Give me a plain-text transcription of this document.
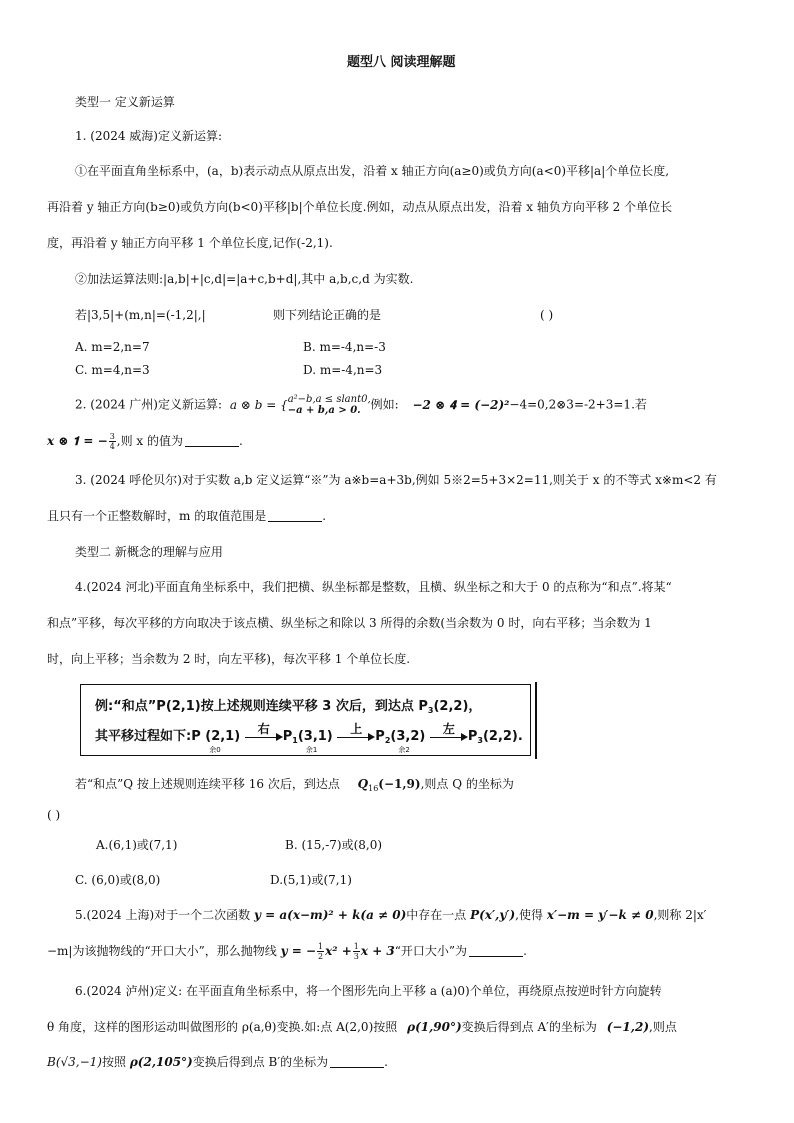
题型八 阅读理解题
类型一 定义新运算
1. (2024 威海)定义新运算:
①在平面直角坐标系中，(a，b)表示动点从原点出发，沿着 x 轴正方向(a≥0)或负方向(a<0)平移|a|个单位长度,
再沿着 y 轴正方向(b≥0)或负方向(b<0)平移|b|个单位长度.例如，动点从原点出发，沿着 x 轴负方向平移 2 个单位长
度，再沿着 y 轴正方向平移 1 个单位长度,记作(-2,1).
②加法运算法则:|a,b|+|c,d|=|a+c,b+d|,其中 a,b,c,d 为实数.
若|3,5|+(m,n|=(-1,2|,|	则下列结论正确的是	( )
A. m=2,n=7	B. m=-4,n=-3
C. m=4,n=3	D. m=-4,n=3
2. (2024 广州)定义新运算: a ⊗ b = { a²−b,a ≤ slant0,
−a + b,a > 0. 例如: −2 ⊗ 𝟒 = (−2)²−4=0,2⊗3=-2+3=1.若
x ⊗ 𝟏 = − $\frac{3}{4}$ ,则 x 的值为	.
3. (2024 呼伦贝尔)对于实数 a,b 定义运算“※”为 a※b=a+3b,例如 5※2=5+3×2=11,则关于 x 的不等式 x※m<2 有
且只有一个正整数解时，m 的取值范围是	.
类型二 新概念的理解与应用
4.(2024 河北)平面直角坐标系中，我们把横、纵坐标都是整数，且横、纵坐标之和大于 0 的点称为“和点”.将某“
和点”平移，每次平移的方向取决于该点横、纵坐标之和除以 3 所得的余数(当余数为 0 时，向右平移；当余数为 1
时，向上平移；当余数为 2 时，向左平移)，每次平移 1 个单位长度.
例:“和点”P(2,1)按上述规则连续平移 3 次后，到达点 $P_3(2,2)$，
其平移过程如下:P (2,1
余0
)
右
$P_1(3,1)$
余1

上
$P_2(3,2)$
余2

左
$P_3(2,2)$.
若“和点”Q 按上述规则连续平移 16 次后，到达点 $Q_{16}(-1,9)$,则点 Q 的坐标为
( )
A.(6,1)或(7,1)	B. (15,-7)或(8,0)
C. (6,0)或(8,0)	D.(5,1)或(7,1)
5.(2024 上海)对于一个二次函数 y = a(x−m)² + k(a ≠ 0)中存在一点 P(x′,y′),使得 x′−m = y′−k ≠ 0,则称 2|x′
−m|为该抛物线的“开口大小”，那么抛物线 y = − $\frac{1}{2} x^2 + \frac{1}{3}$ x + 3“开口大小”为	.
6.(2024 泸州)定义: 在平面直角坐标系中，将一个图形先向上平移 a (a)0)个单位，再绕原点按逆时针方向旋转
θ 角度，这样的图形运动叫做图形的 ρ(a,θ)变换.如:点 A(2,0)按照 ρ(1,90°)变换后得到点 A′的坐标为 (−1,2),则点
B(√3,−1)按照 ρ(2,105°)变换后得到点 B′的坐标为	.
